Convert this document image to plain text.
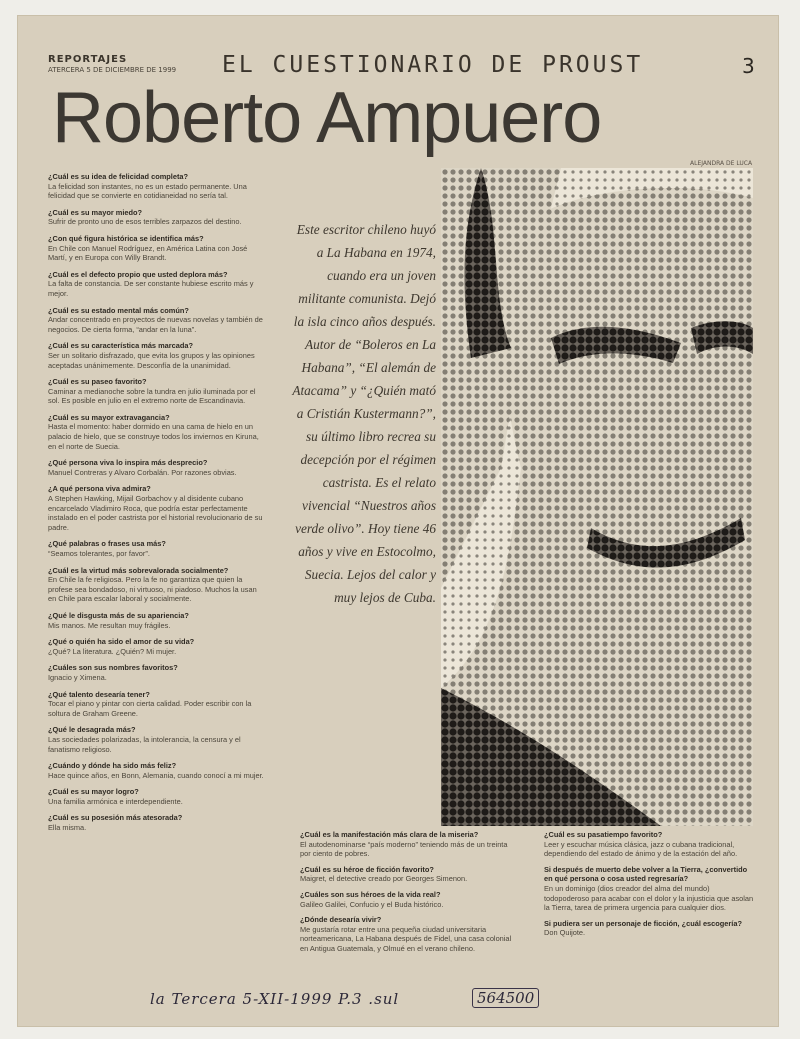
REPORTAJES
ATERCERA 5 DE DICIEMBRE DE 1999 EL CUESTIONARIO DE PROUST	3
Roberto Ampuero
ALEJANDRA DE LUCA
¿Cuál es su idea de felicidad completa?
La felicidad son instantes, no es un estado permanente. Una felicidad que se convierte en cotidianeidad no sería tal.
¿Cuál es su mayor miedo?
Sufrir de pronto uno de esos terribles zarpazos del destino.
¿Con qué figura histórica se identifica más?
En Chile con Manuel Rodríguez, en América Latina con José Martí, y en Europa con Willy Brandt.
¿Cuál es el defecto propio que usted deplora más?
La falta de constancia. De ser constante hubiese escrito más y mejor.
¿Cuál es su estado mental más común?
Andar concentrado en proyectos de nuevas novelas y también de negocios. De cierta forma, “andar en la luna”.
¿Cuál es su característica más marcada?
Ser un solitario disfrazado, que evita los grupos y las opiniones aceptadas unánimemente. Desconfía de la unanimidad.
¿Cuál es su paseo favorito?
Caminar a medianoche sobre la tundra en julio iluminada por el sol. Es posible en julio en el extremo norte de Escandinavia.
¿Cuál es su mayor extravagancia?
Hasta el momento: haber dormido en una cama de hielo en un palacio de hielo, que se construye todos los inviernos en Kiruna, en el norte de Suecia.
¿Qué persona viva lo inspira más desprecio?
Manuel Contreras y Alvaro Corbalán. Por razones obvias.
¿A qué persona viva admira?
A Stephen Hawking, Mijail Gorbachov y al disidente cubano encarcelado Vladimiro Roca, que podría estar perfectamente instalado en el poder castrista por el historial revolucionario de su padre.
¿Qué palabras o frases usa más?
“Seamos tolerantes, por favor”.
¿Cuál es la virtud más sobrevalorada socialmente?
En Chile la fe religiosa. Pero la fe no garantiza que quien la profese sea bondadoso, ni virtuoso, ni piadoso. Muchos la usan en Chile para escalar laboral y socialmente.
¿Qué le disgusta más de su apariencia?
Mis manos. Me resultan muy frágiles.
¿Qué o quién ha sido el amor de su vida?
¿Qué? La literatura. ¿Quién? Mi mujer.
¿Cuáles son sus nombres favoritos?
Ignacio y Ximena.
¿Qué talento desearía tener?
Tocar el piano y pintar con cierta calidad. Poder escribir con la soltura de Graham Greene.
¿Qué le desagrada más?
Las sociedades polarizadas, la intolerancia, la censura y el fanatismo religioso.
¿Cuándo y dónde ha sido más feliz?
Hace quince años, en Bonn, Alemania, cuando conocí a mi mujer.
¿Cuál es su mayor logro?
Una familia armónica e interdependiente.
¿Cuál es su posesión más atesorada?
Ella misma.
¿Cuál es la manifestación más clara de la miseria?
El autodenominarse “país moderno” teniendo más de un treinta por ciento de pobres.
¿Cuál es su héroe de ficción favorito?
Maigret, el detective creado por Georges Simenon.
¿Cuáles son sus héroes de la vida real?
Galileo Galilei, Confucio y el Buda histórico.
¿Dónde desearía vivir?
Me gustaría rotar entre una pequeña ciudad universitaria norteamericana, La Habana después de Fidel, una casa colonial en Antigua Guatemala, y Olmué en el verano chileno.
¿Cuál es su pasatiempo favorito?
Leer y escuchar música clásica, jazz o cubana tradicional, dependiendo del estado de ánimo y de la estación del año.
Si después de muerto debe volver a la Tierra, ¿convertido en qué persona o cosa usted regresaría?
En un dominigo (dios creador del alma del mundo) todopoderoso para acabar con el dolor y la injusticia que asolan la Tierra, tarea de primera urgencia para cualquier dios.
Si pudiera ser un personaje de ficción, ¿cuál escogería?
Don Quijote.
Este escritor chileno huyó a La Habana en 1974, cuando era un joven militante comunista. Dejó la isla cinco años después. Autor de “Boleros en La Habana”, “El alemán de Atacama” y “¿Quién mató a Cristián Kustermann?”, su último libro recrea su decepción por el régimen castrista. Es el relato vivencial “Nuestros años verde olivo”. Hoy tiene 46 años y vive en Estocolmo, Suecia. Lejos del calor y muy lejos de Cuba.
la Tercera 5-XII-1999 P.3 .sul	564500
